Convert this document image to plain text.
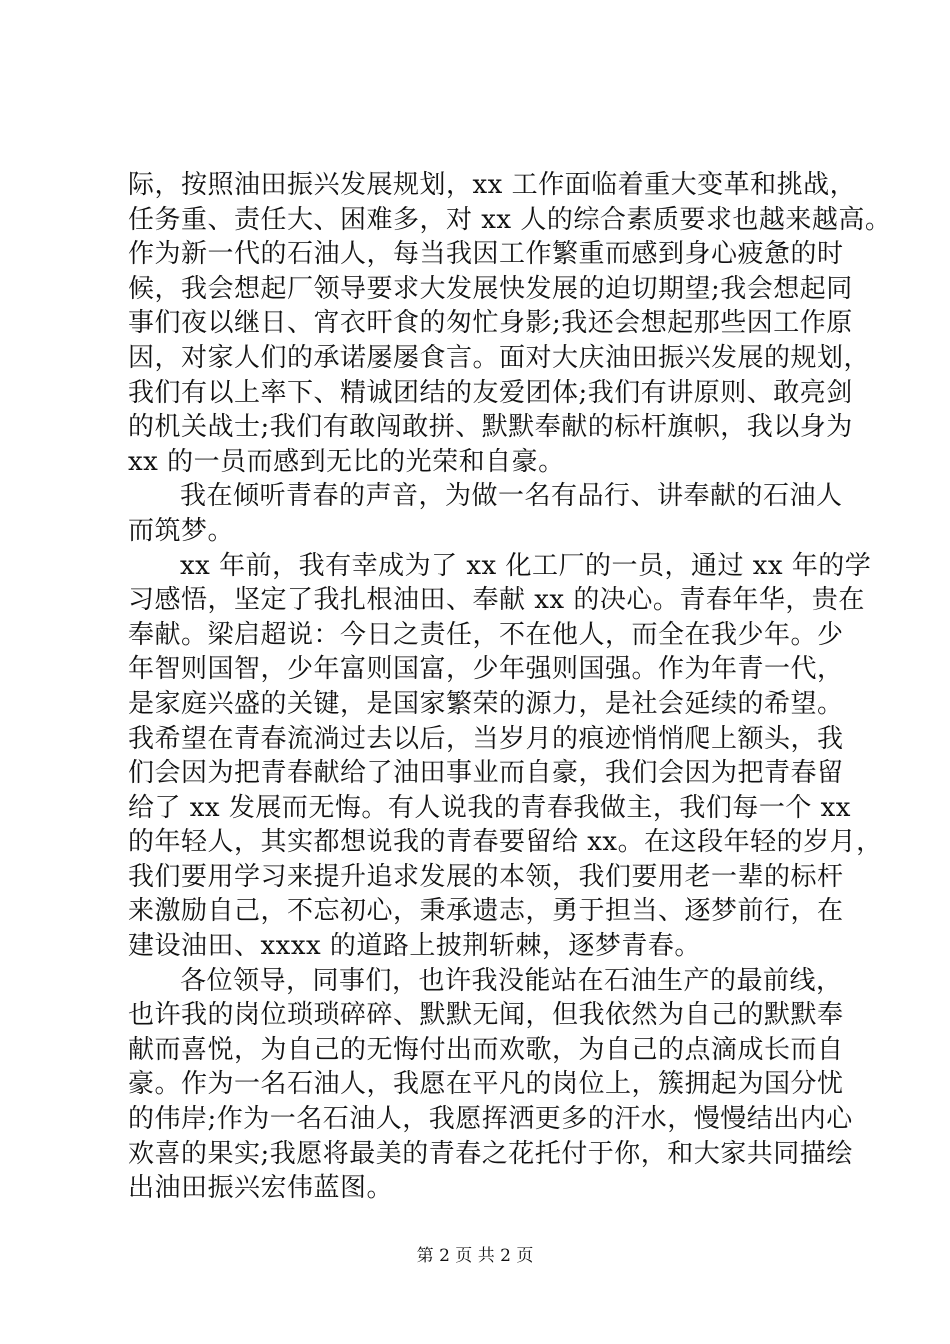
际，按照油田振兴发展规划，xx 工作面临着重大变革和挑战，
任务重、责任大、困难多，对 xx 人的综合素质要求也越来越高。
作为新一代的石油人，每当我因工作繁重而感到身心疲惫的时
候，我会想起厂领导要求大发展快发展的迫切期望;我会想起同
事们夜以继日、宵衣旰食的匆忙身影;我还会想起那些因工作原
因，对家人们的承诺屡屡食言。面对大庆油田振兴发展的规划，
我们有以上率下、精诚团结的友爱团体;我们有讲原则、敢亮剑
的机关战士;我们有敢闯敢拼、默默奉献的标杆旗帜，我以身为
xx 的一员而感到无比的光荣和自豪。
我在倾听青春的声音，为做一名有品行、讲奉献的石油人
而筑梦。
xx 年前，我有幸成为了 xx 化工厂的一员，通过 xx 年的学
习感悟，坚定了我扎根油田、奉献 xx 的决心。青春年华，贵在
奉献。梁启超说：今日之责任，不在他人，而全在我少年。少
年智则国智，少年富则国富，少年强则国强。作为年青一代，
是家庭兴盛的关键，是国家繁荣的源力，是社会延续的希望。
我希望在青春流淌过去以后，当岁月的痕迹悄悄爬上额头，我
们会因为把青春献给了油田事业而自豪，我们会因为把青春留
给了 xx 发展而无悔。有人说我的青春我做主，我们每一个 xx
的年轻人，其实都想说我的青春要留给 xx。在这段年轻的岁月，
我们要用学习来提升追求发展的本领，我们要用老一辈的标杆
来激励自己，不忘初心，秉承遗志，勇于担当、逐梦前行，在
建设油田、xxxx 的道路上披荆斩棘，逐梦青春。
各位领导，同事们，也许我没能站在石油生产的最前线，
也许我的岗位琐琐碎碎、默默无闻，但我依然为自己的默默奉
献而喜悦，为自己的无悔付出而欢歌，为自己的点滴成长而自
豪。作为一名石油人，我愿在平凡的岗位上，簇拥起为国分忧
的伟岸;作为一名石油人，我愿挥洒更多的汗水，慢慢结出内心
欢喜的果实;我愿将最美的青春之花托付于你，和大家共同描绘
出油田振兴宏伟蓝图。
第 2 页 共 2 页
